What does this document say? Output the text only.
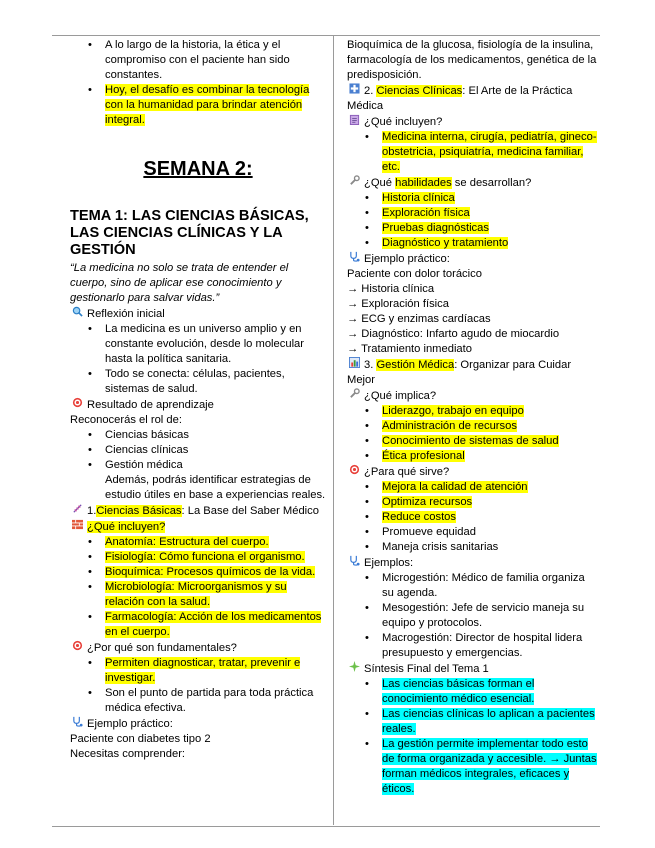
• A lo largo de la historia, la ética y el compromiso con el paciente han sido constantes.
• Hoy, el desafío es combinar la tecnología con la humanidad para brindar atención integral.
SEMANA 2:
TEMA 1: LAS CIENCIAS BÁSICAS, LAS CIENCIAS CLÍNICAS Y LA GESTIÓN
“La medicina no solo se trata de entender el cuerpo, sino de aplicar ese conocimiento y gestionarlo para salvar vidas.”
Reflexión inicial
• La medicina es un universo amplio y en constante evolución, desde lo molecular hasta la política sanitaria.
• Todo se conecta: células, pacientes, sistemas de salud.
Resultado de aprendizaje
Reconocerás el rol de:
• Ciencias básicas
• Ciencias clínicas
• Gestión médica
Además, podrás identificar estrategias de estudio útiles en base a experiencias reales.
1.Ciencias Básicas: La Base del Saber Médico
¿Qué incluyen?
• Anatomía: Estructura del cuerpo.
• Fisiología: Cómo funciona el organismo.
• Bioquímica: Procesos químicos de la vida.
• Microbiología: Microorganismos y su relación con la salud.
• Farmacología: Acción de los medicamentos en el cuerpo.
¿Por qué son fundamentales?
• Permiten diagnosticar, tratar, prevenir e investigar.
• Son el punto de partida para toda práctica médica efectiva.
Ejemplo práctico:
Paciente con diabetes tipo 2
Necesitas comprender:
Bioquímica de la glucosa, fisiología de la insulina, farmacología de los medicamentos, genética de la predisposición.
2. Ciencias Clínicas: El Arte de la Práctica Médica
¿Qué incluyen?
• Medicina interna, cirugía, pediatría, gineco-obstetricia, psiquiatría, medicina familiar, etc.
¿Qué habilidades se desarrollan?
• Historia clínica
• Exploración física
• Pruebas diagnósticas
• Diagnóstico y tratamiento
Ejemplo práctico:
Paciente con dolor torácico
→ Historia clínica
→ Exploración física
→ ECG y enzimas cardíacas
→ Diagnóstico: Infarto agudo de miocardio
→ Tratamiento inmediato
3. Gestión Médica: Organizar para Cuidar Mejor
¿Qué implica?
• Liderazgo, trabajo en equipo
• Administración de recursos
• Conocimiento de sistemas de salud
• Ética profesional
¿Para qué sirve?
• Mejora la calidad de atención
• Optimiza recursos
• Reduce costos
• Promueve equidad
• Maneja crisis sanitarias
Ejemplos:
• Microgestión: Médico de familia organiza su agenda.
• Mesogestión: Jefe de servicio maneja su equipo y protocolos.
• Macrogestión: Director de hospital lidera presupuesto y emergencias.
Síntesis Final del Tema 1
• Las ciencias básicas forman el conocimiento médico esencial.
• Las ciencias clínicas lo aplican a pacientes reales.
• La gestión permite implementar todo esto de forma organizada y accesible. → Juntas forman médicos integrales, eficaces y éticos.
